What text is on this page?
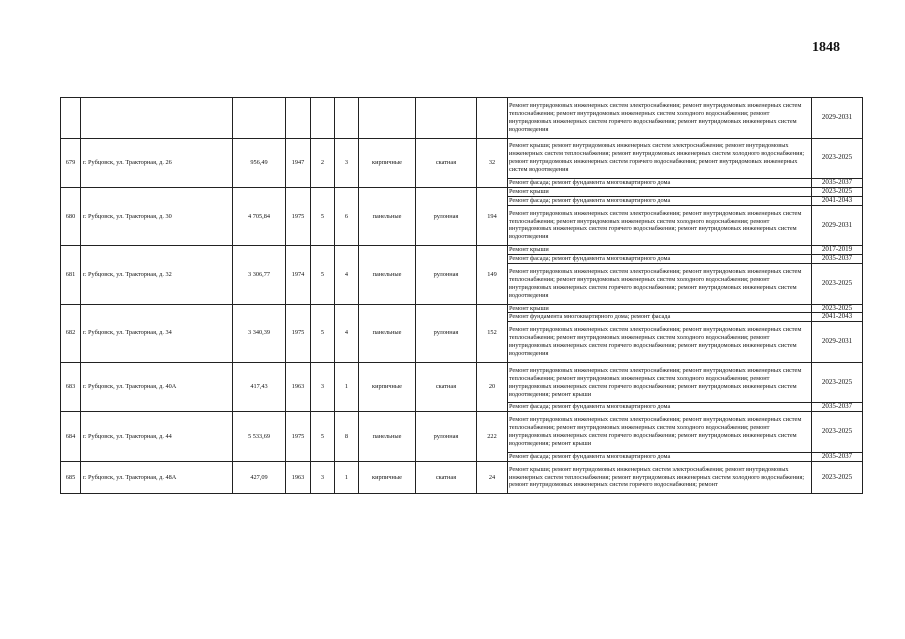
1848
									Ремонт внутридомовых инженерных систем электроснабжения; ремонт внутридомовых инженерных систем теплоснабжения; ремонт внутридомовых инженерных систем холодного водоснабжения; ремонт внутридомовых инженерных систем горячего водоснабжения; ремонт внутридомовых инженерных систем водоотведения	2029-2031
679	г. Рубцовск, ул. Тракторная, д. 26	956,49	1947	2	3	кирпичные	скатная	32	Ремонт крыши; ремонт внутридомовых инженерных систем электроснабжения; ремонт внутридомовых инженерных систем теплоснабжения; ремонт внутридомовых инженерных систем холодного водоснабжения; ремонт внутридомовых инженерных систем горячего водоснабжения; ремонт внутридомовых инженерных систем водоотведения	2023-2025
									Ремонт фасада; ремонт фундамента многоквартирного дома	2035-2037
680	г. Рубцовск, ул. Тракторная, д. 30	4 705,84	1975	5	6	панельные	рулонная	194	Ремонт крыши	2023-2025
									Ремонт фасада; ремонт фундамента многоквартирного дома	2041-2043
									Ремонт внутридомовых инженерных систем электроснабжения; ремонт внутридомовых инженерных систем теплоснабжения; ремонт внутридомовых инженерных систем холодного водоснабжения; ремонт внутридомовых инженерных систем горячего водоснабжения; ремонт внутридомовых инженерных систем водоотведения	2029-2031
681	г. Рубцовск, ул. Тракторная, д. 32	3 306,77	1974	5	4	панельные	рулонная	149	Ремонт крыши	2017-2019
									Ремонт фасада; ремонт фундамента многоквартирного дома	2035-2037
									Ремонт внутридомовых инженерных систем электроснабжения; ремонт внутридомовых инженерных систем теплоснабжения; ремонт внутридомовых инженерных систем холодного водоснабжения; ремонт внутридомовых инженерных систем горячего водоснабжения; ремонт внутридомовых инженерных систем водоотведения	2023-2025
682	г. Рубцовск, ул. Тракторная, д. 34	3 340,39	1975	5	4	панельные	рулонная	152	Ремонт крыши	2023-2025
									Ремонт фундамента многоквартирного дома; ремонт фасада	2041-2043
									Ремонт внутридомовых инженерных систем электроснабжения; ремонт внутридомовых инженерных систем теплоснабжения; ремонт внутридомовых инженерных систем холодного водоснабжения; ремонт внутридомовых инженерных систем горячего водоснабжения; ремонт внутридомовых инженерных систем водоотведения	2029-2031
683	г. Рубцовск, ул. Тракторная, д. 40А	417,43	1963	3	1	кирпичные	скатная	20	Ремонт внутридомовых инженерных систем электроснабжения; ремонт внутридомовых инженерных систем теплоснабжения; ремонт внутридомовых инженерных систем холодного водоснабжения; ремонт внутридомовых инженерных систем горячего водоснабжения; ремонт внутридомовых инженерных систем водоотведения; ремонт крыши	2023-2025
									Ремонт фасада; ремонт фундамента многоквартирного дома	2035-2037
684	г. Рубцовск, ул. Тракторная, д. 44	5 533,69	1975	5	8	панельные	рулонная	222	Ремонт внутридомовых инженерных систем электроснабжения; ремонт внутридомовых инженерных систем теплоснабжения; ремонт внутридомовых инженерных систем холодного водоснабжения; ремонт внутридомовых инженерных систем горячего водоснабжения; ремонт внутридомовых инженерных систем водоотведения; ремонт крыши	2023-2025
									Ремонт фасада; ремонт фундамента многоквартирного дома	2035-2037
685	г. Рубцовск, ул. Тракторная, д. 48А	427,09	1963	3	1	кирпичные	скатная	24	Ремонт крыши; ремонт внутридомовых инженерных систем электроснабжения; ремонт внутридомовых инженерных систем теплоснабжения; ремонт внутридомовых инженерных систем холодного водоснабжения; ремонт внутридомовых инженерных систем горячего водоснабжения; ремонт	2023-2025
